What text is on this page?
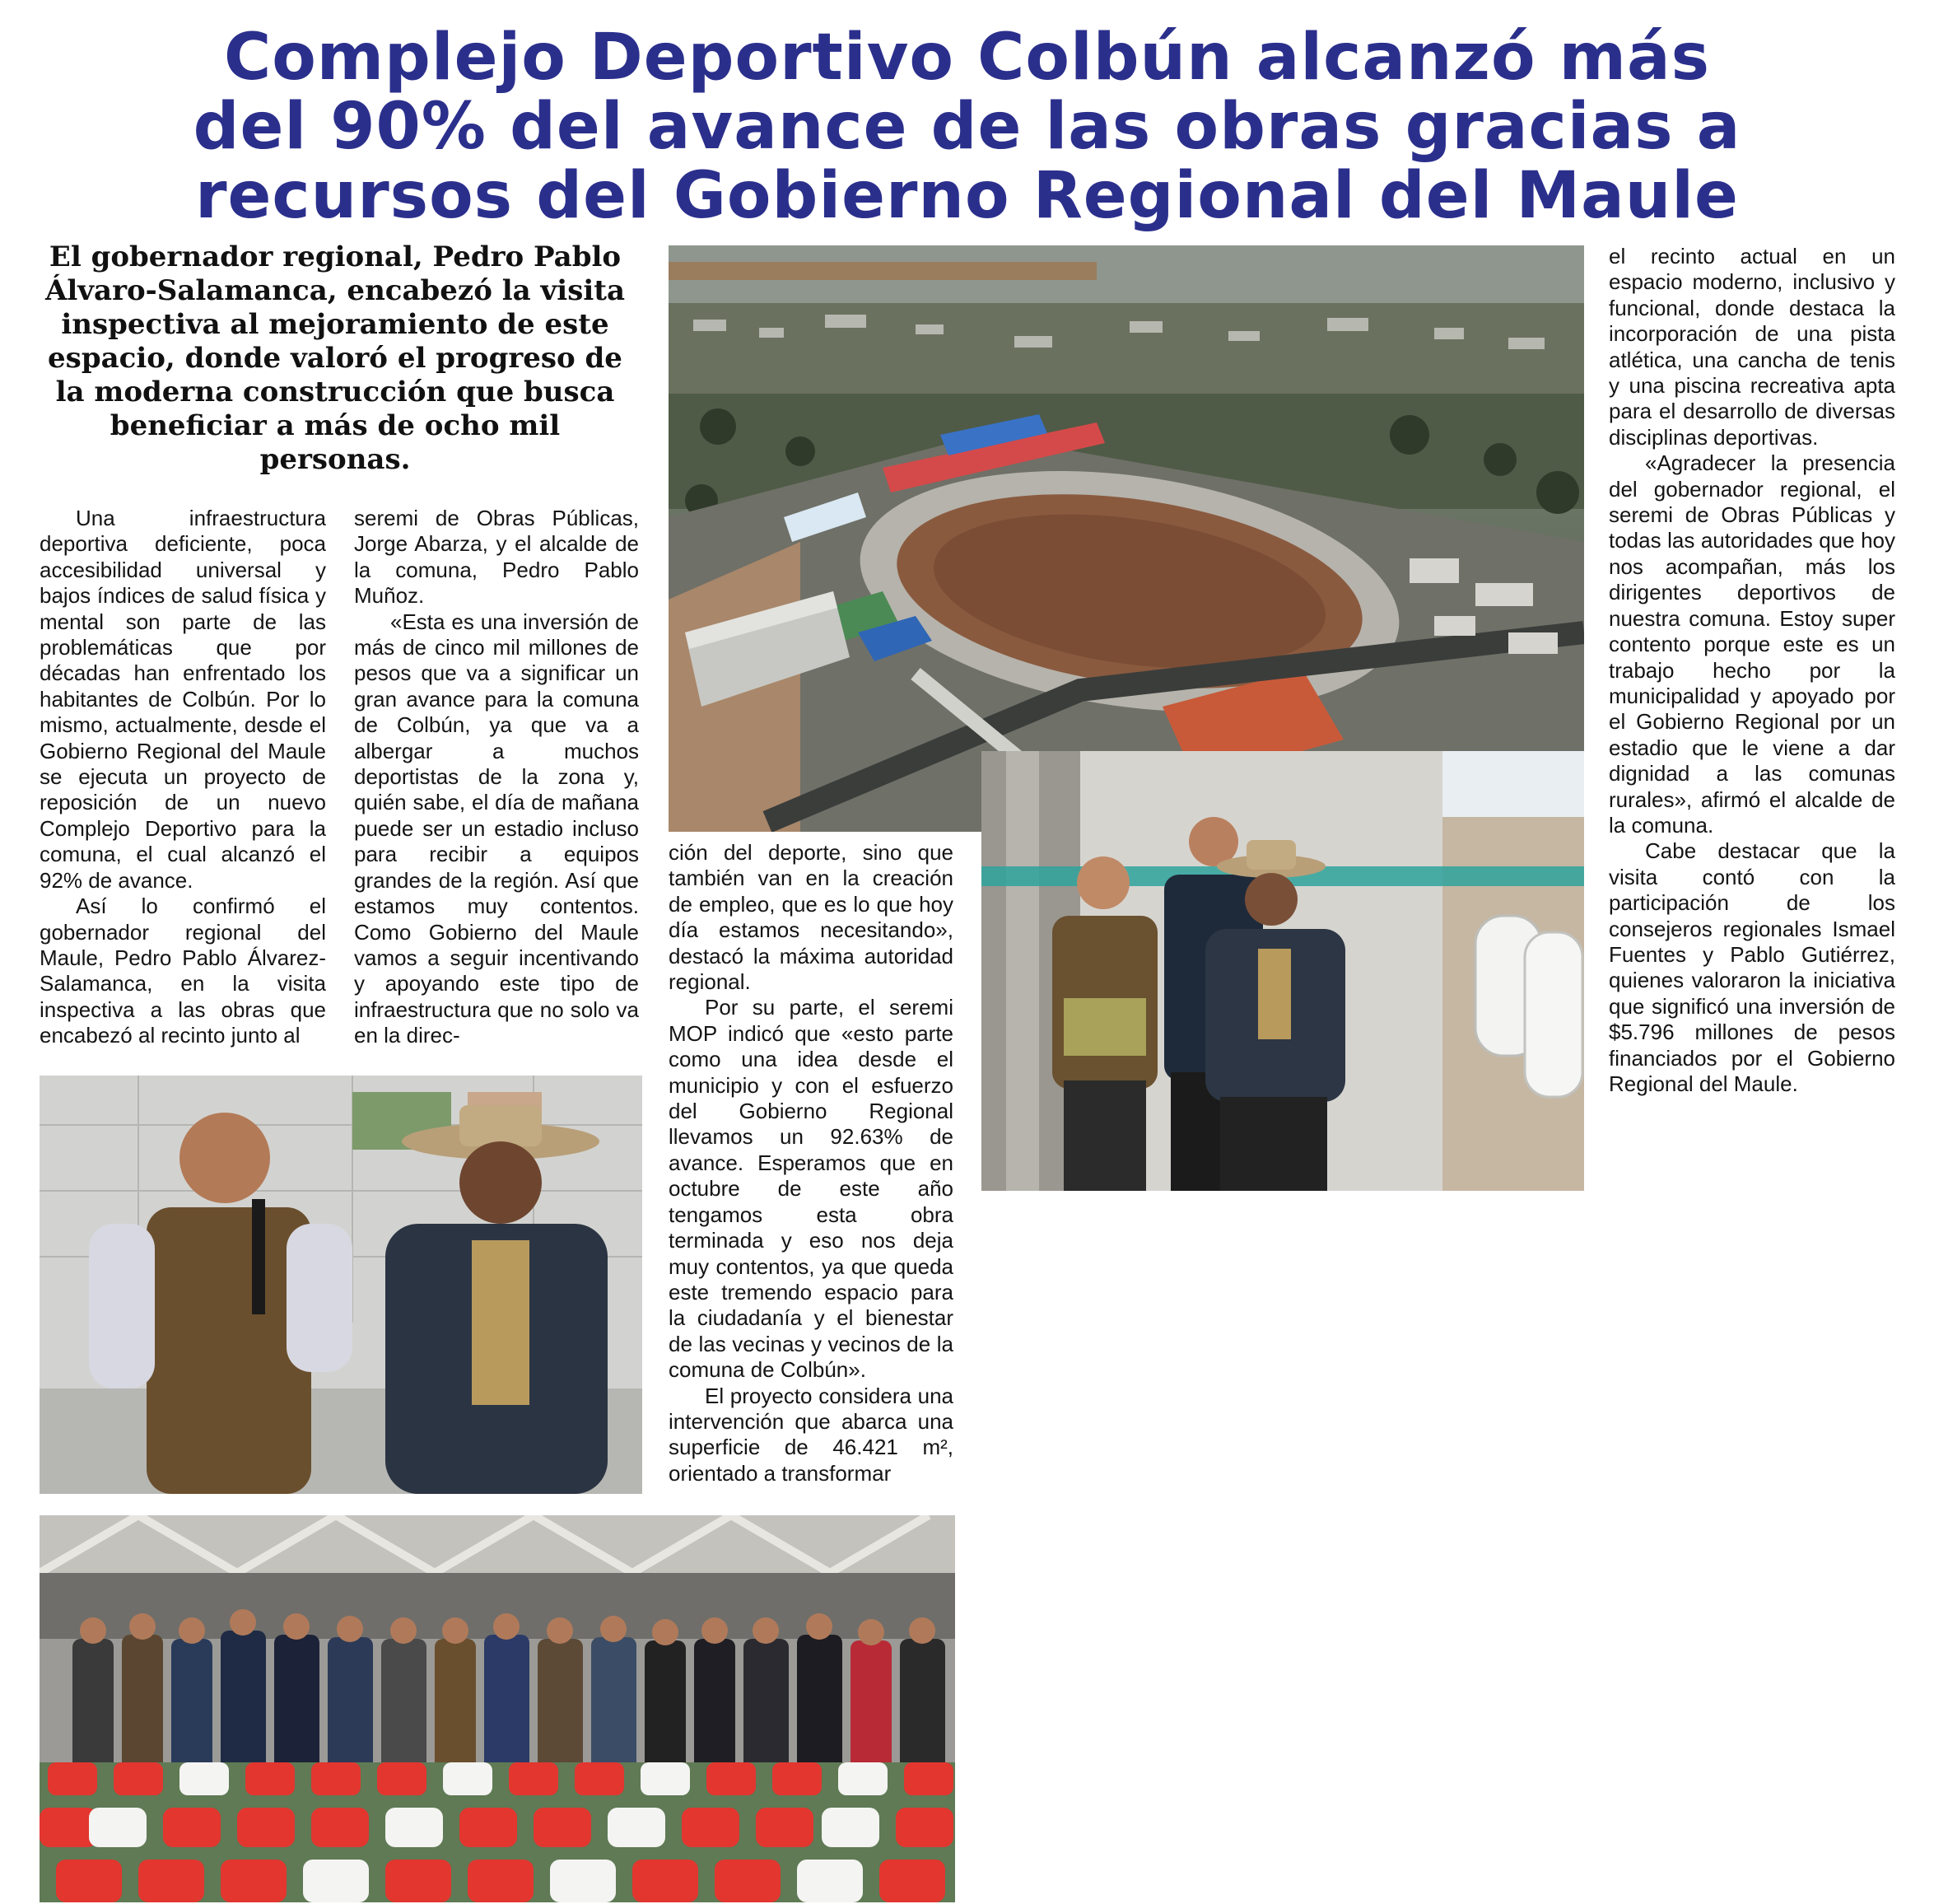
Complejo Deportivo Colbún alcanzó más
del 90% del avance de las obras gracias a
recursos del Gobierno Regional del Maule

El gobernador regional, Pedro Pablo Álvaro-Salamanca, encabezó la visita inspectiva al mejoramiento de este espacio, donde valoró el progreso de la moderna construcción que busca beneficiar a más de ocho mil personas.

Una infraestructura deportiva deficiente, poca accesibilidad universal y bajos índices de salud física y mental son parte de las problemáticas que por décadas han enfrentado los habitantes de Colbún. Por lo mismo, actualmente, desde el Gobierno Regional del Maule se ejecuta un proyecto de reposición de un nuevo Complejo Deportivo para la comuna, el cual alcanzó el 92% de avance.

Así lo confirmó el gobernador regional del Maule, Pedro Pablo Álvarez-Salamanca, en la visita inspectiva a las obras que encabezó al recinto junto al

seremi de Obras Públicas, Jorge Abarza, y el alcalde de la comuna, Pedro Pablo Muñoz.

«Esta es una inversión de más de cinco mil millones de pesos que va a significar un gran avance para la comuna de Colbún, ya que va a albergar a muchos deportistas de la zona y, quién sabe, el día de mañana puede ser un estadio incluso para recibir a equipos grandes de la región. Así que estamos muy contentos. Como Gobierno del Maule vamos a seguir incentivando y apoyando este tipo de infraestructura que no solo va en la direc-

ción del deporte, sino que también van en la creación de empleo, que es lo que hoy día estamos necesitando», destacó la máxima autoridad regional.

Por su parte, el seremi MOP indicó que «esto parte como una idea desde el municipio y con el esfuerzo del Gobierno Regional llevamos un 92.63% de avance. Esperamos que en octubre de este año tengamos esta obra terminada y eso nos deja muy contentos, ya que queda este tremendo espacio para la ciudadanía y el bienestar de las vecinas y vecinos de la comuna de Colbún».

El proyecto considera una intervención que abarca una superficie de 46.421 m², orientado a transformar

el recinto actual en un espacio moderno, inclusivo y funcional, donde destaca la incorporación de una pista atlética, una cancha de tenis y una piscina recreativa apta para el desarrollo de diversas disciplinas deportivas.

«Agradecer la presencia del gobernador regional, el seremi de Obras Públicas y todas las autoridades que hoy nos acompañan, más los dirigentes deportivos de nuestra comuna. Estoy super contento porque este es un trabajo hecho por la municipalidad y apoyado por el Gobierno Regional por un estadio que le viene a dar dignidad a las comunas rurales», afirmó el alcalde de la comuna.

Cabe destacar que la visita contó con la participación de los consejeros regionales Ismael Fuentes y Pablo Gutiérrez, quienes valoraron la iniciativa que significó una inversión de $5.796 millones de pesos financiados por el Gobierno Regional del Maule.
